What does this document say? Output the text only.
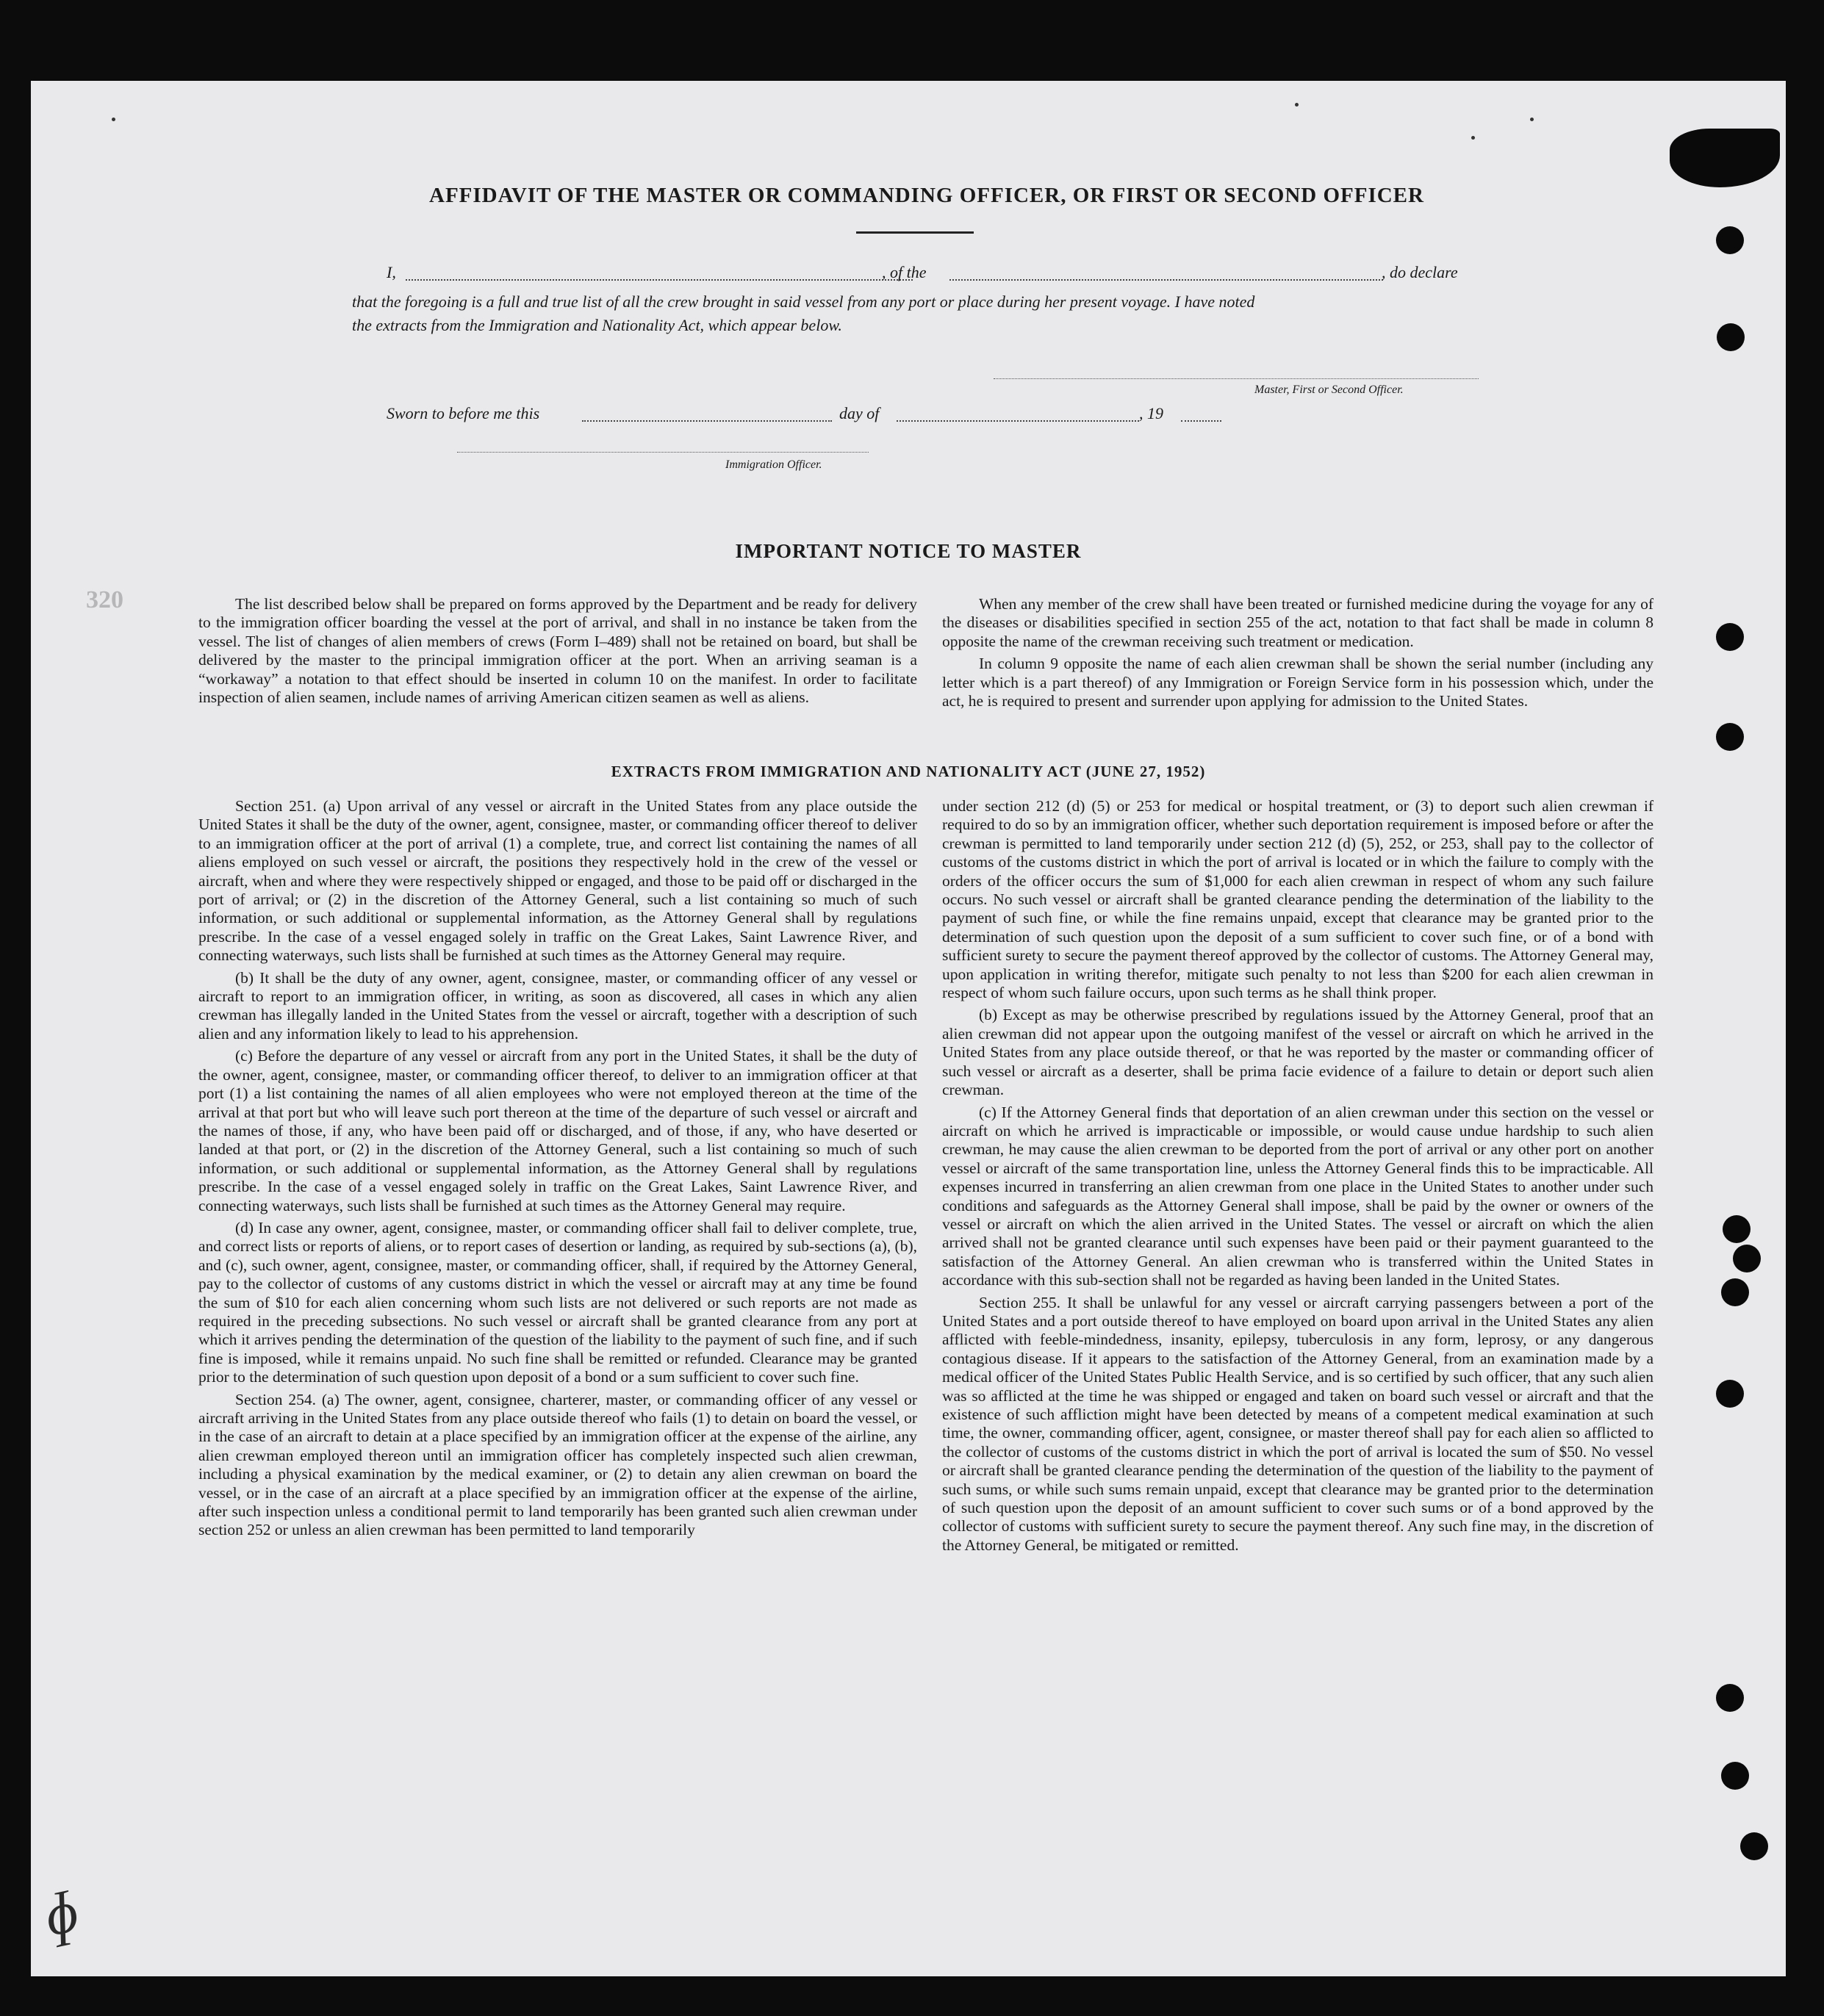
320
AFFIDAVIT OF THE MASTER OR COMMANDING OFFICER, OR FIRST OR SECOND OFFICER
I,	, of the	, do declare
that the foregoing is a full and true list of all the crew brought in said vessel from any port or place during her present voyage. I have noted
the extracts from the Immigration and Nationality Act, which appear below.
Master, First or Second Officer.
Sworn to before me this	day of	, 19
Immigration Officer.
IMPORTANT NOTICE TO MASTER

The list described below shall be prepared on forms approved by the Department and be ready for delivery to the immigration officer boarding the vessel at the port of arrival, and shall in no instance be taken from the vessel. The list of changes of alien members of crews (Form I–489) shall not be retained on board, but shall be delivered by the master to the principal immigration officer at the port. When an arriving seaman is a “workaway” a notation to that effect should be inserted in column 10 on the manifest. In order to facilitate inspection of alien seamen, include names of arriving American citizen seamen as well as aliens.

When any member of the crew shall have been treated or furnished medicine during the voyage for any of the diseases or disabilities specified in section 255 of the act, notation to that fact shall be made in column 8 opposite the name of the crewman receiving such treatment or medication.

In column 9 opposite the name of each alien crewman shall be shown the serial number (including any letter which is a part thereof) of any Immigration or Foreign Service form in his possession which, under the act, he is required to present and surrender upon applying for admission to the United States.

EXTRACTS FROM IMMIGRATION AND NATIONALITY ACT (JUNE 27, 1952)

Section 251. (a) Upon arrival of any vessel or aircraft in the United States from any place outside the United States it shall be the duty of the owner, agent, consignee, master, or commanding officer thereof to deliver to an immigration officer at the port of arrival (1) a complete, true, and correct list containing the names of all aliens employed on such vessel or aircraft, the positions they respectively hold in the crew of the vessel or aircraft, when and where they were respectively shipped or engaged, and those to be paid off or discharged in the port of arrival; or (2) in the discretion of the Attorney General, such a list containing so much of such information, or such additional or supplemental information, as the Attorney General shall by regulations prescribe. In the case of a vessel engaged solely in traffic on the Great Lakes, Saint Lawrence River, and connecting waterways, such lists shall be furnished at such times as the Attorney General may require.

(b) It shall be the duty of any owner, agent, consignee, master, or commanding officer of any vessel or aircraft to report to an immigration officer, in writing, as soon as discovered, all cases in which any alien crewman has illegally landed in the United States from the vessel or aircraft, together with a description of such alien and any information likely to lead to his apprehension.

(c) Before the departure of any vessel or aircraft from any port in the United States, it shall be the duty of the owner, agent, consignee, master, or commanding officer thereof, to deliver to an immigration officer at that port (1) a list containing the names of all alien employees who were not employed thereon at the time of the arrival at that port but who will leave such port thereon at the time of the departure of such vessel or aircraft and the names of those, if any, who have been paid off or discharged, and of those, if any, who have deserted or landed at that port, or (2) in the discretion of the Attorney General, such a list containing so much of such information, or such additional or supplemental information, as the Attorney General shall by regulations prescribe. In the case of a vessel engaged solely in traffic on the Great Lakes, Saint Lawrence River, and connecting waterways, such lists shall be furnished at such times as the Attorney General may require.

(d) In case any owner, agent, consignee, master, or commanding officer shall fail to deliver complete, true, and correct lists or reports of aliens, or to report cases of desertion or landing, as required by sub-sections (a), (b), and (c), such owner, agent, consignee, master, or commanding officer, shall, if required by the Attorney General, pay to the collector of customs of any customs district in which the vessel or aircraft may at any time be found the sum of $10 for each alien concerning whom such lists are not delivered or such reports are not made as required in the preceding subsections. No such vessel or aircraft shall be granted clearance from any port at which it arrives pending the determination of the question of the liability to the payment of such fine, and if such fine is imposed, while it remains unpaid. No such fine shall be remitted or refunded. Clearance may be granted prior to the determination of such question upon deposit of a bond or a sum sufficient to cover such fine.

Section 254. (a) The owner, agent, consignee, charterer, master, or commanding officer of any vessel or aircraft arriving in the United States from any place outside thereof who fails (1) to detain on board the vessel, or in the case of an aircraft to detain at a place specified by an immigration officer at the expense of the airline, any alien crewman employed thereon until an immigration officer has completely inspected such alien crewman, including a physical examination by the medical examiner, or (2) to detain any alien crewman on board the vessel, or in the case of an aircraft at a place specified by an immigration officer at the expense of the airline, after such inspection unless a conditional permit to land temporarily has been granted such alien crewman under section 252 or unless an alien crewman has been permitted to land temporarily

under section 212 (d) (5) or 253 for medical or hospital treatment, or (3) to deport such alien crewman if required to do so by an immigration officer, whether such deportation requirement is imposed before or after the crewman is permitted to land temporarily under section 212 (d) (5), 252, or 253, shall pay to the collector of customs of the customs district in which the port of arrival is located or in which the failure to comply with the orders of the officer occurs the sum of $1,000 for each alien crewman in respect of whom any such failure occurs. No such vessel or aircraft shall be granted clearance pending the determination of the liability to the payment of such fine, or while the fine remains unpaid, except that clearance may be granted prior to the determination of such question upon the deposit of a sum sufficient to cover such fine, or of a bond with sufficient surety to secure the payment thereof approved by the collector of customs. The Attorney General may, upon application in writing therefor, mitigate such penalty to not less than $200 for each alien crewman in respect of whom such failure occurs, upon such terms as he shall think proper.

(b) Except as may be otherwise prescribed by regulations issued by the Attorney General, proof that an alien crewman did not appear upon the outgoing manifest of the vessel or aircraft on which he arrived in the United States from any place outside thereof, or that he was reported by the master or commanding officer of such vessel or aircraft as a deserter, shall be prima facie evidence of a failure to detain or deport such alien crewman.

(c) If the Attorney General finds that deportation of an alien crewman under this section on the vessel or aircraft on which he arrived is impracticable or impossible, or would cause undue hardship to such alien crewman, he may cause the alien crewman to be deported from the port of arrival or any other port on another vessel or aircraft of the same transportation line, unless the Attorney General finds this to be impracticable. All expenses incurred in transferring an alien crewman from one place in the United States to another under such conditions and safeguards as the Attorney General shall impose, shall be paid by the owner or owners of the vessel or aircraft on which the alien arrived in the United States. The vessel or aircraft on which the alien arrived shall not be granted clearance until such expenses have been paid or their payment guaranteed to the satisfaction of the Attorney General. An alien crewman who is transferred within the United States in accordance with this sub-section shall not be regarded as having been landed in the United States.

Section 255. It shall be unlawful for any vessel or aircraft carrying passengers between a port of the United States and a port outside thereof to have employed on board upon arrival in the United States any alien afflicted with feeble-mindedness, insanity, epilepsy, tuberculosis in any form, leprosy, or any dangerous contagious disease. If it appears to the satisfaction of the Attorney General, from an examination made by a medical officer of the United States Public Health Service, and is so certified by such officer, that any such alien was so afflicted at the time he was shipped or engaged and taken on board such vessel or aircraft and that the existence of such affliction might have been detected by means of a competent medical examination at such time, the owner, commanding officer, agent, consignee, or master thereof shall pay for each alien so afflicted to the collector of customs of the customs district in which the port of arrival is located the sum of $50. No vessel or aircraft shall be granted clearance pending the determination of the question of the liability to the payment of such sums, or while such sums remain unpaid, except that clearance may be granted prior to the determination of such question upon the deposit of an amount sufficient to cover such sums or of a bond approved by the collector of customs with sufficient surety to secure the payment thereof. Any such fine may, in the discretion of the Attorney General, be mitigated or remitted.

ɸ
